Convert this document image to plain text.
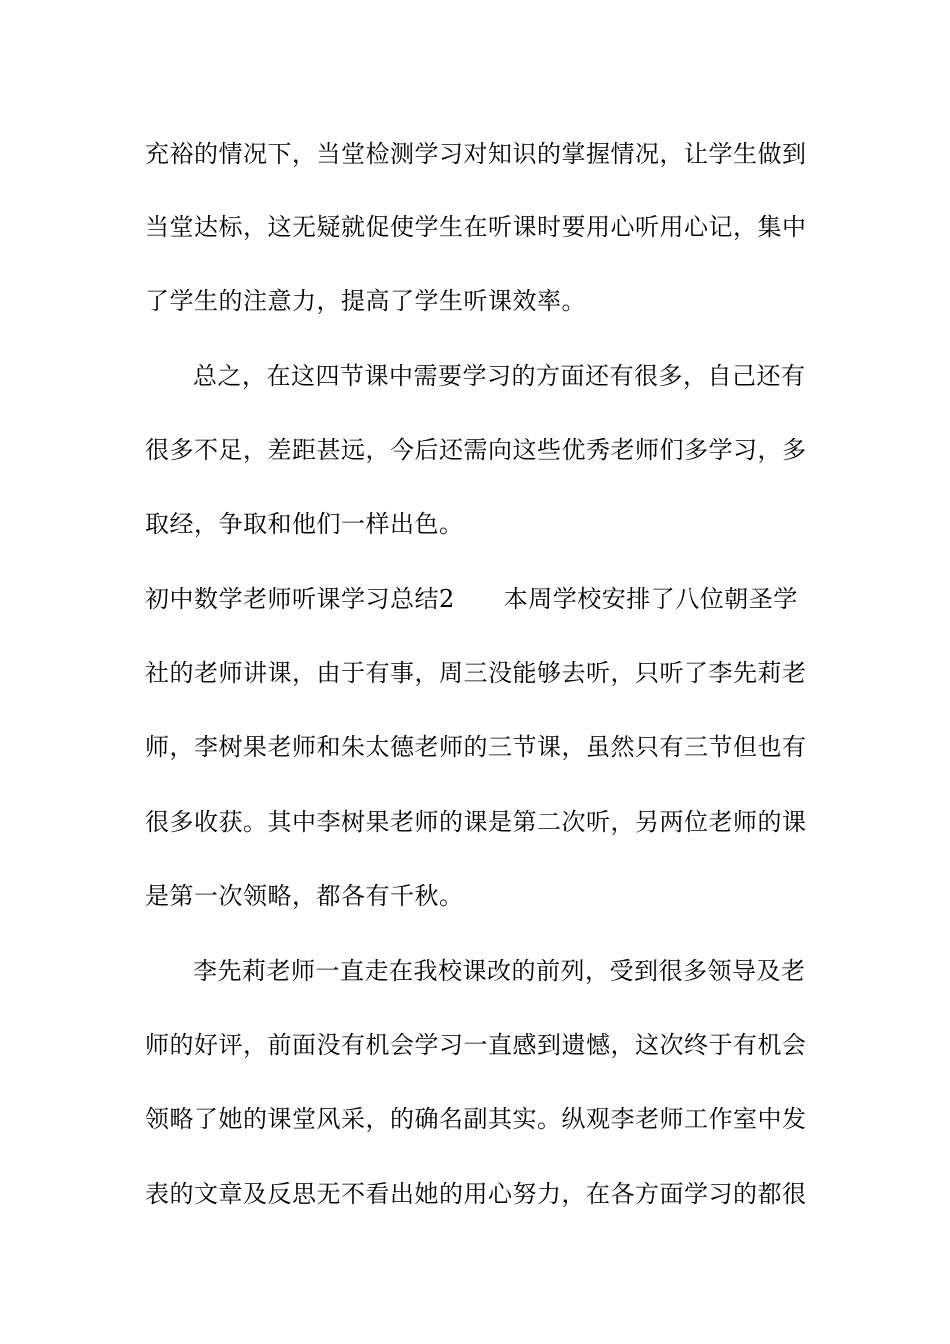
充裕的情况下，当堂检测学习对知识的掌握情况，让学生做到
当堂达标，这无疑就促使学生在听课时要用心听用心记，集中
了学生的注意力，提高了学生听课效率。
总之，在这四节课中需要学习的方面还有很多，自己还有
很多不足，差距甚远，今后还需向这些优秀老师们多学习，多
取经，争取和他们一样出色。
初中数学老师听课学习总结2　　本周学校安排了八位朝圣学
社的老师讲课，由于有事，周三没能够去听，只听了李先莉老
师，李树果老师和朱太德老师的三节课，虽然只有三节但也有
很多收获。其中李树果老师的课是第二次听，另两位老师的课
是第一次领略，都各有千秋。
李先莉老师一直走在我校课改的前列，受到很多领导及老
师的好评，前面没有机会学习一直感到遗憾，这次终于有机会
领略了她的课堂风采，的确名副其实。纵观李老师工作室中发
表的文章及反思无不看出她的用心努力，在各方面学习的都很
